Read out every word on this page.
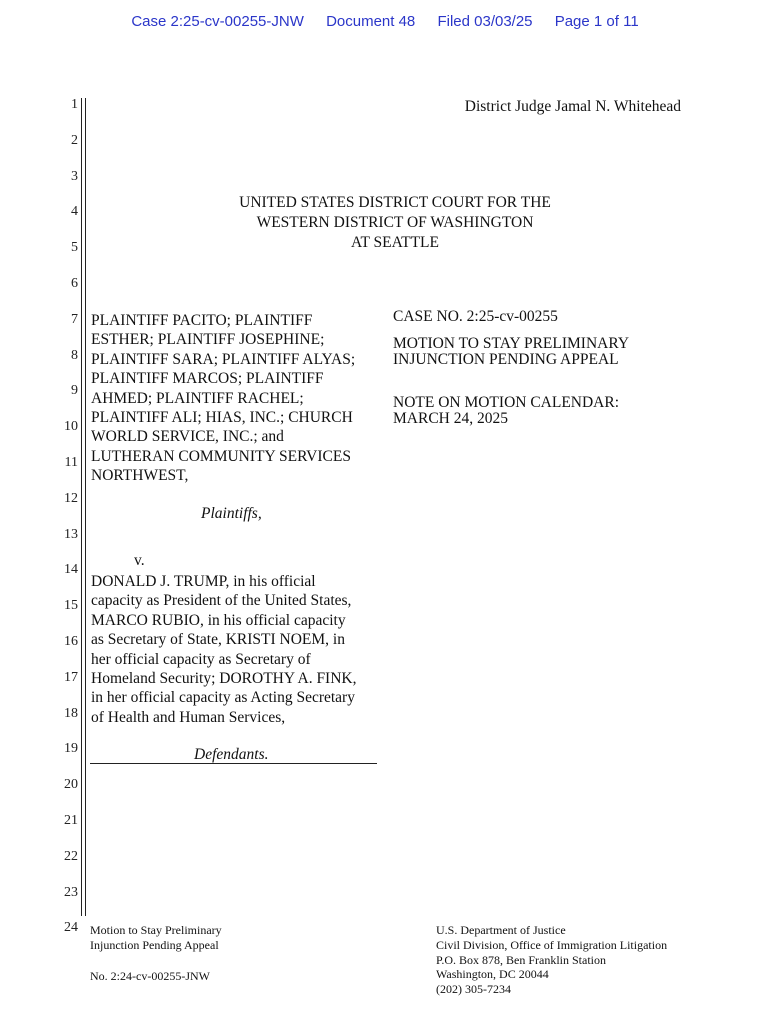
Case 2:25-cv-00255-JNW Document 48 Filed 03/03/25 Page 1 of 11
1
2
3
4
5
6
7
8
9
10
11
12
13
14
15
16
17
18
19
20
21
22
23
24
District Judge Jamal N. Whitehead
UNITED STATES DISTRICT COURT FOR THE
WESTERN DISTRICT OF WASHINGTON
AT SEATTLE
PLAINTIFF PACITO; PLAINTIFF
ESTHER; PLAINTIFF JOSEPHINE;
PLAINTIFF SARA; PLAINTIFF ALYAS;
PLAINTIFF MARCOS; PLAINTIFF
AHMED; PLAINTIFF RACHEL;
PLAINTIFF ALI; HIAS, INC.; CHURCH
WORLD SERVICE, INC.; and
LUTHERAN COMMUNITY SERVICES
NORTHWEST,
Plaintiffs,
v.
DONALD J. TRUMP, in his official
capacity as President of the United States,
MARCO RUBIO, in his official capacity
as Secretary of State, KRISTI NOEM, in
her official capacity as Secretary of
Homeland Security; DOROTHY A. FINK,
in her official capacity as Acting Secretary
of Health and Human Services,
Defendants.
CASE NO. 2:25-cv-00255
MOTION TO STAY PRELIMINARY
INJUNCTION PENDING APPEAL
NOTE ON MOTION CALENDAR:
MARCH 24, 2025
Motion to Stay Preliminary
Injunction Pending Appeal
No. 2:24-cv-00255-JNW
U.S. Department of Justice
Civil Division, Office of Immigration Litigation
P.O. Box 878, Ben Franklin Station
Washington, DC 20044
(202) 305-7234
